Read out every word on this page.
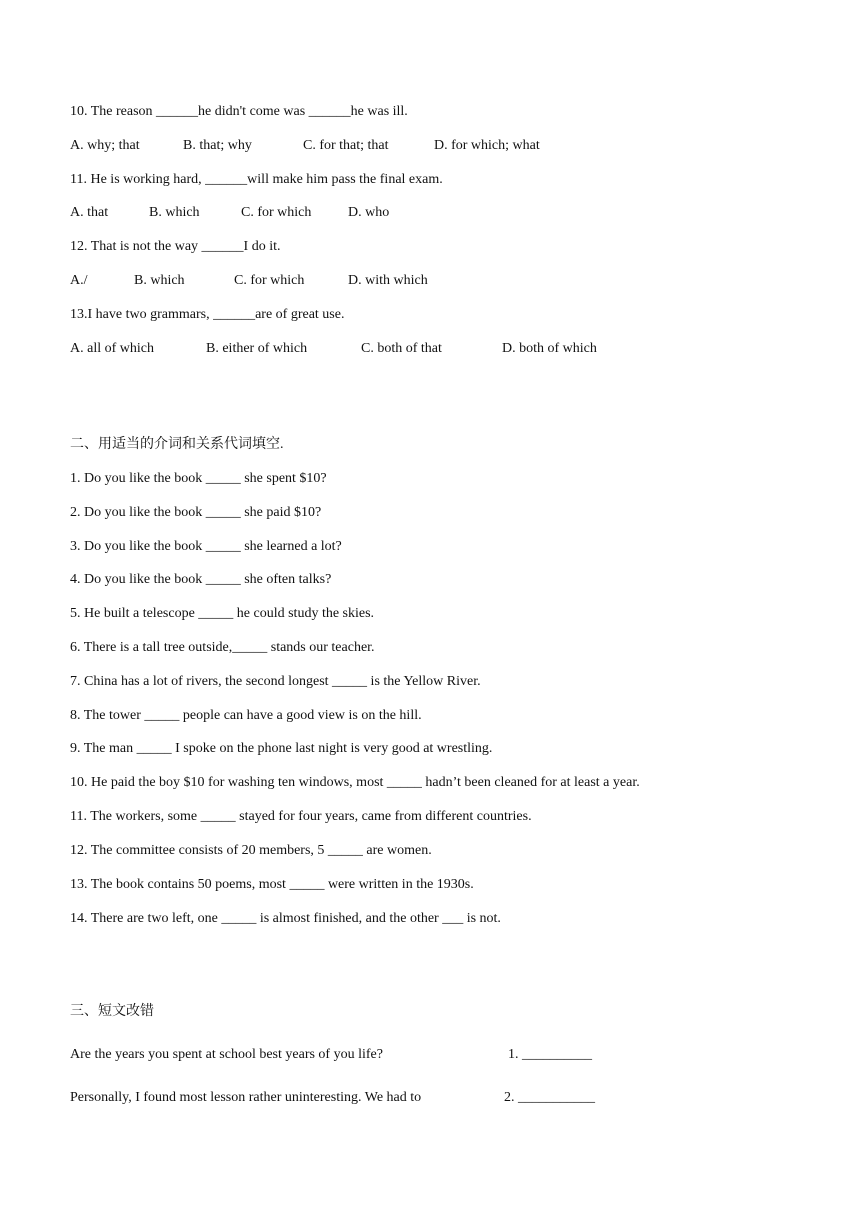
10. The reason ______he didn't come was ______he was ill.
A. why; that	B. that; why	C. for that; that	D. for which; what
11. He is working hard, ______will make him pass the final exam.
A. that	B. which	C. for which	D. who
12. That is not the way ______I do it.
A./	B. which	C. for which	D. with which
13.I have two grammars, ______are of great use.
A. all of which	B. either of which	C. both of that	D. both of which
二、用适当的介词和关系代词填空.
1. Do you like the book _____ she spent $10?
2. Do you like the book _____ she paid $10?
3. Do you like the book _____ she learned a lot?
4. Do you like the book _____ she often talks?
5. He built a telescope _____ he could study the skies.
6. There is a tall tree outside,_____ stands our teacher.
7. China has a lot of rivers, the second longest _____ is the Yellow River.
8. The tower _____ people can have a good view is on the hill.
9. The man _____ I spoke on the phone last night is very good at wrestling.
10. He paid the boy $10 for washing ten windows, most _____ hadn’t been cleaned for at least a year.
11. The workers, some _____ stayed for four years, came from different countries.
12. The committee consists of 20 members, 5 _____ are women.
13. The book contains 50 poems, most _____ were written in the 1930s.
14. There are two left, one _____ is almost finished, and the other ___ is not.
三、短文改错
Are the years you spent at school best years of you life?	1. __________
Personally, I found most lesson rather uninteresting. We had to	2. ___________
